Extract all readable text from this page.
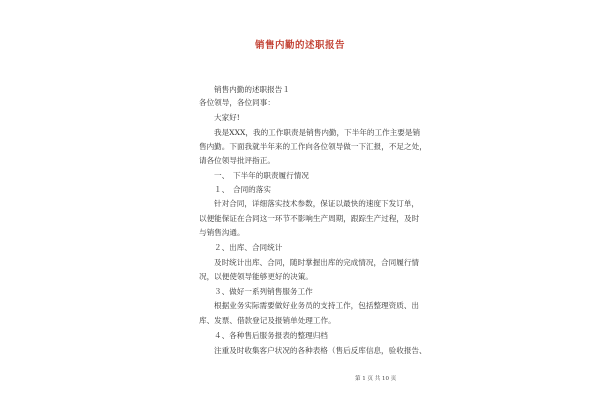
销售内勤的述职报告
销售内勤的述职报告１
各位领导，各位同事：
大家好!
我是XXX，我的工作职责是销售内勤，下半年的工作主要是销
售内勤。下面我就半年来的工作向各位领导做一下汇报，不足之处，
请各位领导批评指正。
一、　下半年的职责履行情况
１、　合同的落实
针对合同，详细落实技术参数，保证以最快的速度下发订单，
以便能保证在合同这一环节不影响生产周期，跟踪生产过程，及时
与销售沟通。
２、出库、合同统计
及时统计出库、合同，随时掌握出库的完成情况，合同履行情
况，以便使领导能够更好的决策。
３、做好一系列销售服务工作
根据业务实际需要做好业务员的支持工作，包括整理资质、出
库、发票、借款登记及报销单处理工作。
４、各种售后服务报表的整理归档
注重及时收集客户状况的各种表格（售后反库信息，验收报告、
第 1 页 共 10 页
